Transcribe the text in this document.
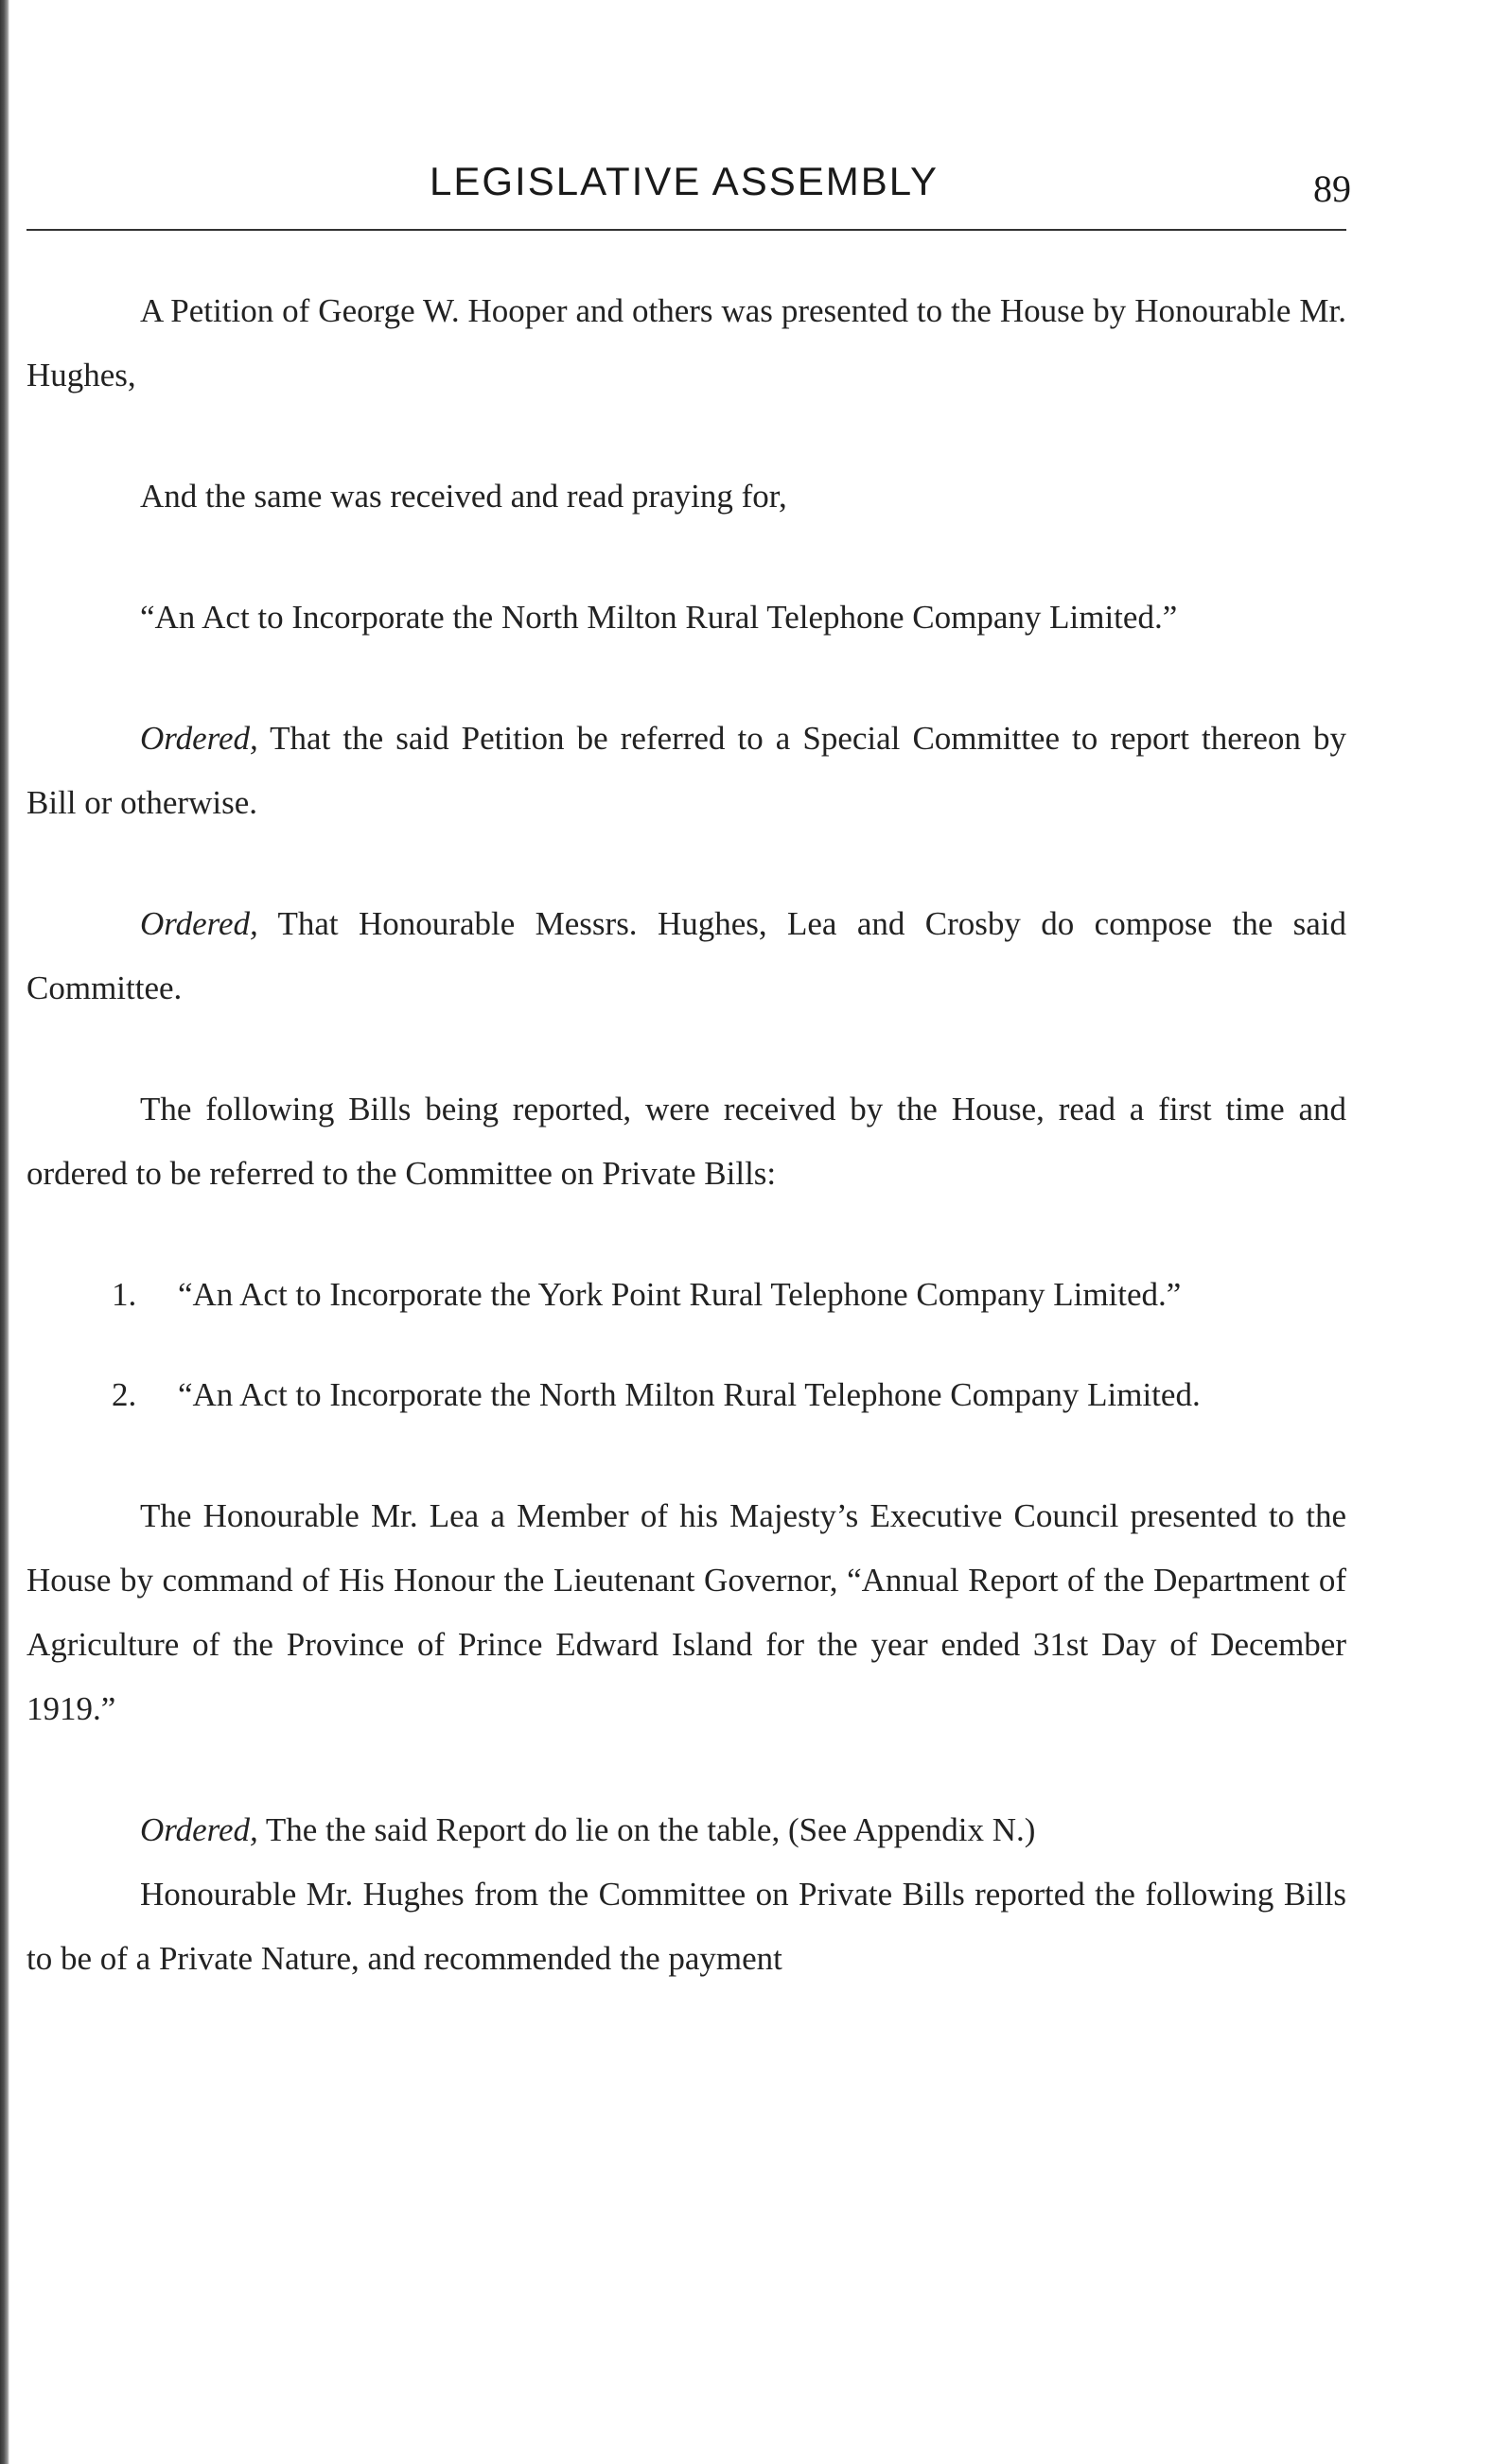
LEGISLATIVE ASSEMBLY	89

A Petition of George W. Hooper and others was presented to the House by Honourable Mr. Hughes,

And the same was received and read praying for,

“An Act to Incorporate the North Milton Rural Telephone Company Limited.”

Ordered, That the said Petition be referred to a Special Committee to report thereon by Bill or otherwise.

Ordered, That Honourable Messrs. Hughes, Lea and Crosby do compose the said Committee.

The following Bills being reported, were received by the House, read a first time and ordered to be referred to the Committee on Private Bills:

1. “An Act to Incorporate the York Point Rural Telephone Company Limited.”

2. “An Act to Incorporate the North Milton Rural Telephone Company Limited.

The Honourable Mr. Lea a Member of his Majesty’s Executive Council presented to the House by command of His Honour the Lieutenant Governor, “Annual Report of the Department of Agriculture of the Province of Prince Edward Island for the year ended 31st Day of December 1919.”

Ordered, The the said Report do lie on the table, (See Appendix N.)

Honourable Mr. Hughes from the Committee on Private Bills reported the following Bills to be of a Private Nature, and recommended the payment
